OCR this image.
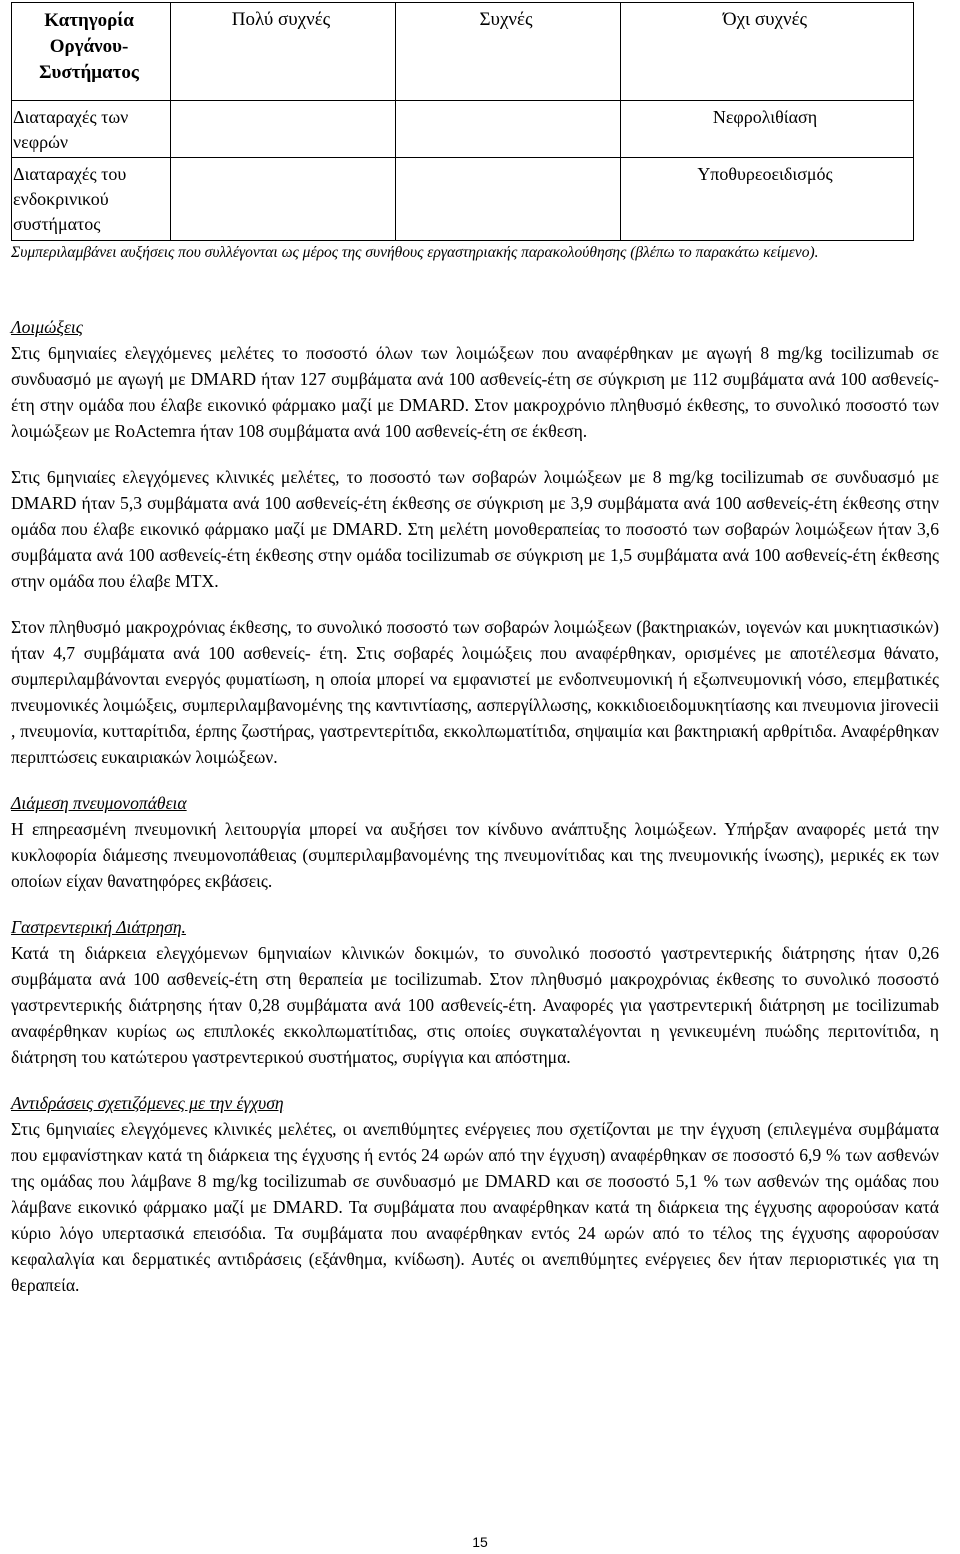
Κατηγορία Οργάνου-Συστήματος	Πολύ συχνές	Συχνές	Όχι συχνές
Διαταραχές των νεφρών			Νεφρολιθίαση
Διαταραχές του ενδοκρινικού συστήματος			Υποθυρεοειδισμός
Συμπεριλαμβάνει αυξήσεις που συλλέγονται ως μέρος της συνήθους εργαστηριακής παρακολούθησης (βλέπω το παρακάτω κείμενο).
Λοιμώξεις

Στις 6μηνιαίες ελεγχόμενες μελέτες το ποσοστό όλων των λοιμώξεων που αναφέρθηκαν με αγωγή 8 mg/kg tocilizumab σε συνδυασμό με αγωγή με DMARD ήταν 127 συμβάματα ανά 100 ασθενείς-έτη σε σύγκριση με 112 συμβάματα ανά 100 ασθενείς-έτη στην ομάδα που έλαβε εικονικό φάρμακο μαζί με DMARD. Στον μακροχρόνιο πληθυσμό έκθεσης, το συνολικό ποσοστό των λοιμώξεων με RoActemra ήταν 108 συμβάματα ανά 100 ασθενείς-έτη σε έκθεση.

Στις 6μηνιαίες ελεγχόμενες κλινικές μελέτες, το ποσοστό των σοβαρών λοιμώξεων με 8 mg/kg tocilizumab σε συνδυασμό με DMARD ήταν 5,3 συμβάματα ανά 100 ασθενείς-έτη έκθεσης σε σύγκριση με 3,9 συμβάματα ανά 100 ασθενείς-έτη έκθεσης στην ομάδα που έλαβε εικονικό φάρμακο μαζί με DMARD. Στη μελέτη μονοθεραπείας το ποσοστό των σοβαρών λοιμώξεων ήταν 3,6 συμβάματα ανά 100 ασθενείς-έτη έκθεσης στην ομάδα tocilizumab σε σύγκριση με 1,5 συμβάματα ανά 100 ασθενείς-έτη έκθεσης στην ομάδα που έλαβε MTX.

Στον πληθυσμό μακροχρόνιας έκθεσης, το συνολικό ποσοστό των σοβαρών λοιμώξεων (βακτηριακών, ιογενών και μυκητιασικών) ήταν 4,7 συμβάματα ανά 100 ασθενείς- έτη. Στις σοβαρές λοιμώξεις που αναφέρθηκαν, ορισμένες με αποτέλεσμα θάνατο, συμπεριλαμβάνονται ενεργός φυματίωση, η οποία μπορεί να εμφανιστεί με ενδοπνευμονική ή εξωπνευμονική νόσο, επεμβατικές πνευμονικές λοιμώξεις, συμπεριλαμβανομένης της καντιντίασης, ασπεργίλλωσης, κοκκιδιοειδομυκητίασης και πνευμονια jirovecii , πνευμονία, κυτταρίτιδα, έρπης ζωστήρας, γαστρεντερίτιδα, εκκολπωματίτιδα, σηψαιμία και βακτηριακή αρθρίτιδα. Αναφέρθηκαν περιπτώσεις ευκαιριακών λοιμώξεων.

Διάμεση πνευμονοπάθεια

Η επηρεασμένη πνευμονική λειτουργία μπορεί να αυξήσει τον κίνδυνο ανάπτυξης λοιμώξεων. Υπήρξαν αναφορές μετά την κυκλοφορία διάμεσης πνευμονοπάθειας (συμπεριλαμβανομένης της πνευμονίτιδας και της πνευμονικής ίνωσης), μερικές εκ των οποίων είχαν θανατηφόρες εκβάσεις.

Γαστρεντερική Διάτρηση.

Κατά τη διάρκεια ελεγχόμενων 6μηνιαίων κλινικών δοκιμών, το συνολικό ποσοστό γαστρεντερικής διάτρησης ήταν 0,26 συμβάματα ανά 100 ασθενείς-έτη στη θεραπεία με tocilizumab. Στον πληθυσμό μακροχρόνιας έκθεσης το συνολικό ποσοστό γαστρεντερικής διάτρησης ήταν 0,28 συμβάματα ανά 100 ασθενείς-έτη. Αναφορές για γαστρεντερική διάτρηση με tocilizumab αναφέρθηκαν κυρίως ως επιπλοκές εκκολπωματίτιδας, στις οποίες συγκαταλέγονται η γενικευμένη πυώδης περιτονίτιδα, η διάτρηση του κατώτερου γαστρεντερικού συστήματος, συρίγγια και απόστημα.

Αντιδράσεις σχετιζόμενες με την έγχυση

Στις 6μηνιαίες ελεγχόμενες κλινικές μελέτες, οι ανεπιθύμητες ενέργειες που σχετίζονται με την έγχυση (επιλεγμένα συμβάματα που εμφανίστηκαν κατά τη διάρκεια της έγχυσης ή εντός 24 ωρών από την έγχυση) αναφέρθηκαν σε ποσοστό 6,9 % των ασθενών της ομάδας που λάμβανε 8 mg/kg tocilizumab σε συνδυασμό με DMARD και σε ποσοστό 5,1 % των ασθενών της ομάδας που λάμβανε εικονικό φάρμακο μαζί με DMARD. Τα συμβάματα που αναφέρθηκαν κατά τη διάρκεια της έγχυσης αφορούσαν κατά κύριο λόγο υπερτασικά επεισόδια. Τα συμβάματα που αναφέρθηκαν εντός 24 ωρών από το τέλος της έγχυσης αφορούσαν κεφαλαλγία και δερματικές αντιδράσεις (εξάνθημα, κνίδωση). Αυτές οι ανεπιθύμητες ενέργειες δεν ήταν περιοριστικές για τη θεραπεία.

15
